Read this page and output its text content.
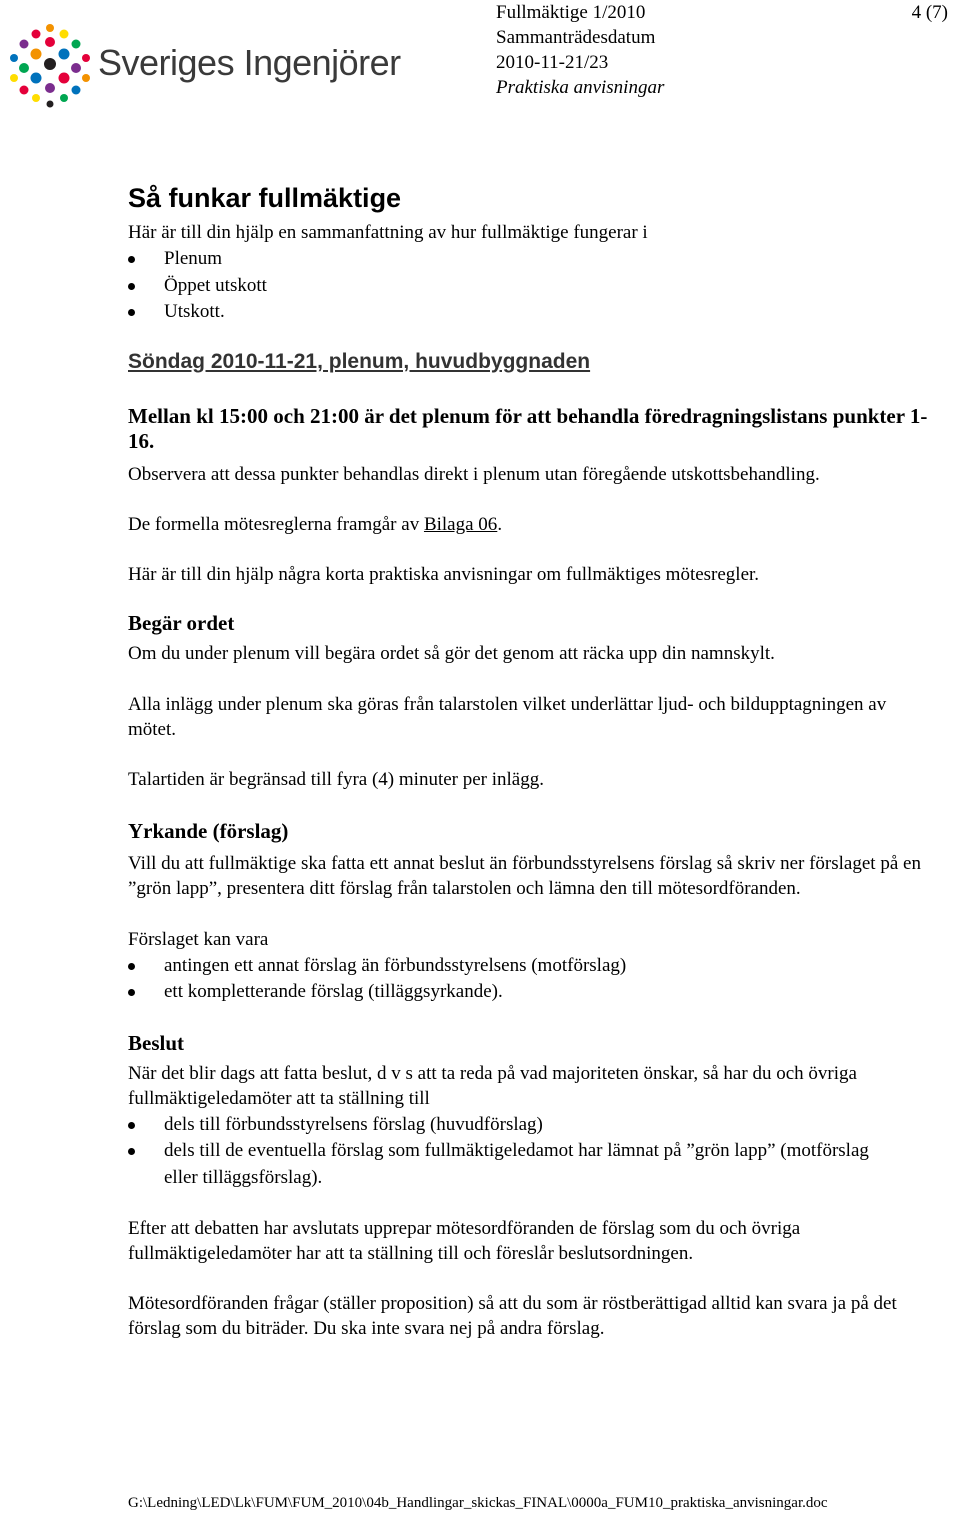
Sveriges Ingenjörer
Fullmäktige 1/2010
Sammanträdesdatum
2010-11-21/23
Praktiska anvisningar
4 (7)
Så funkar fullmäktige

Här är till din hjälp en sammanfattning av hur fullmäktige fungerar i

Plenum
Öppet utskott
Utskott.

Söndag 2010-11-21, plenum, huvudbyggnaden

Mellan kl 15:00 och 21:00 är det plenum för att behandla föredragningslistans punkter 1-16.

Observera att dessa punkter behandlas direkt i plenum utan föregående utskottsbehandling.

De formella mötesreglerna framgår av Bilaga 06.

Här är till din hjälp några korta praktiska anvisningar om fullmäktiges mötesregler.

Begär ordet

Om du under plenum vill begära ordet så gör det genom att räcka upp din namnskylt.

Alla inlägg under plenum ska göras från talarstolen vilket underlättar ljud- och bildupptagningen av mötet.

Talartiden är begränsad till fyra (4) minuter per inlägg.

Yrkande (förslag)

Vill du att fullmäktige ska fatta ett annat beslut än förbundsstyrelsens förslag så skriv ner förslaget på en ”grön lapp”, presentera ditt förslag från talarstolen och lämna den till mötesordföranden.

Förslaget kan vara

antingen ett annat förslag än förbundsstyrelsens (motförslag)
ett kompletterande förslag (tilläggsyrkande).
Beslut

När det blir dags att fatta beslut, d v s att ta reda på vad majoriteten önskar, så har du och övriga fullmäktigeledamöter att ta ställning till

dels till förbundsstyrelsens förslag (huvudförslag)
dels till de eventuella förslag som fullmäktigeledamot har lämnat på ”grön lapp” (motförslag eller tilläggsförslag).

Efter att debatten har avslutats upprepar mötesordföranden de förslag som du och övriga fullmäktigeledamöter har att ta ställning till och föreslår beslutsordningen.

Mötesordföranden frågar (ställer proposition) så att du som är röstberättigad alltid kan svara ja på det förslag som du biträder. Du ska inte svara nej på andra förslag.

G:\Ledning\LED\Lk\FUM\FUM_2010\04b_Handlingar_skickas_FINAL\0000a_FUM10_praktiska_anvisningar.doc
